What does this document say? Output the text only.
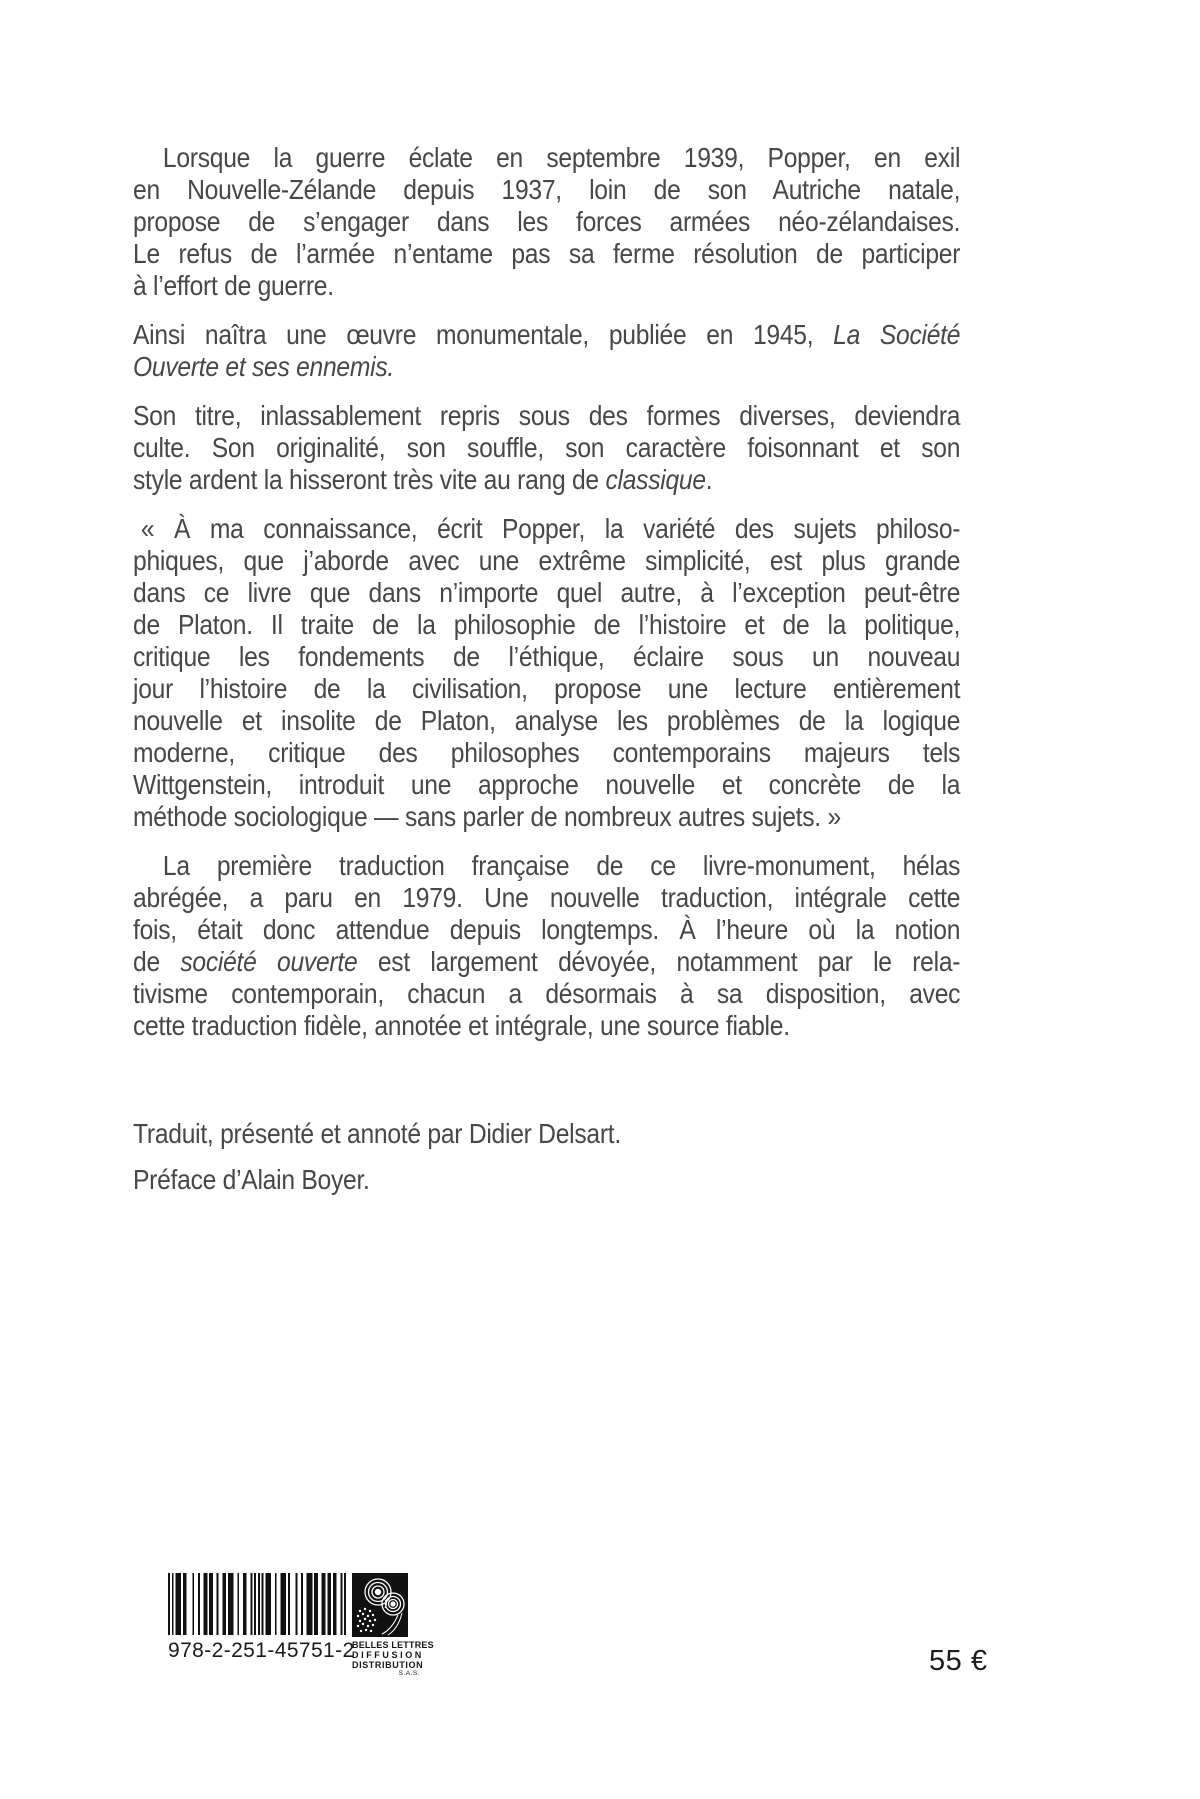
Lorsque la guerre éclate en septembre 1939, Popper, en exil
en Nouvelle-Zélande depuis 1937, loin de son Autriche natale,
propose de s’engager dans les forces armées néo-zélandaises.
Le refus de l’armée n’entame pas sa ferme résolution de participer
à l’effort de guerre.
Ainsi naîtra une œuvre monumentale, publiée en 1945, La Société
Ouverte et ses ennemis.
Son titre, inlassablement repris sous des formes diverses, deviendra
culte. Son originalité, son souffle, son caractère foisonnant et son
style ardent la hisseront très vite au rang de classique.
« À ma connaissance, écrit Popper, la variété des sujets philoso-
phiques, que j’aborde avec une extrême simplicité, est plus grande
dans ce livre que dans n’importe quel autre, à l’exception peut-être
de Platon. Il traite de la philosophie de l’histoire et de la politique,
critique les fondements de l’éthique, éclaire sous un nouveau
jour l’histoire de la civilisation, propose une lecture entièrement
nouvelle et insolite de Platon, analyse les problèmes de la logique
moderne, critique des philosophes contemporains majeurs tels
Wittgenstein, introduit une approche nouvelle et concrète de la
méthode sociologique — sans parler de nombreux autres sujets. »
La première traduction française de ce livre-monument, hélas
abrégée, a paru en 1979. Une nouvelle traduction, intégrale cette
fois, était donc attendue depuis longtemps. À l’heure où la notion
de société ouverte est largement dévoyée, notamment par le rela-
tivisme contemporain, chacun a désormais à sa disposition, avec
cette traduction fidèle, annotée et intégrale, une source fiable.
Traduit, présenté et annoté par Didier Delsart.
Préface d’Alain Boyer.
978-2-251-45751-2
BELLES LETTRES
DIFFUSION
DISTRIBUTION
S.A.S.	55 €
